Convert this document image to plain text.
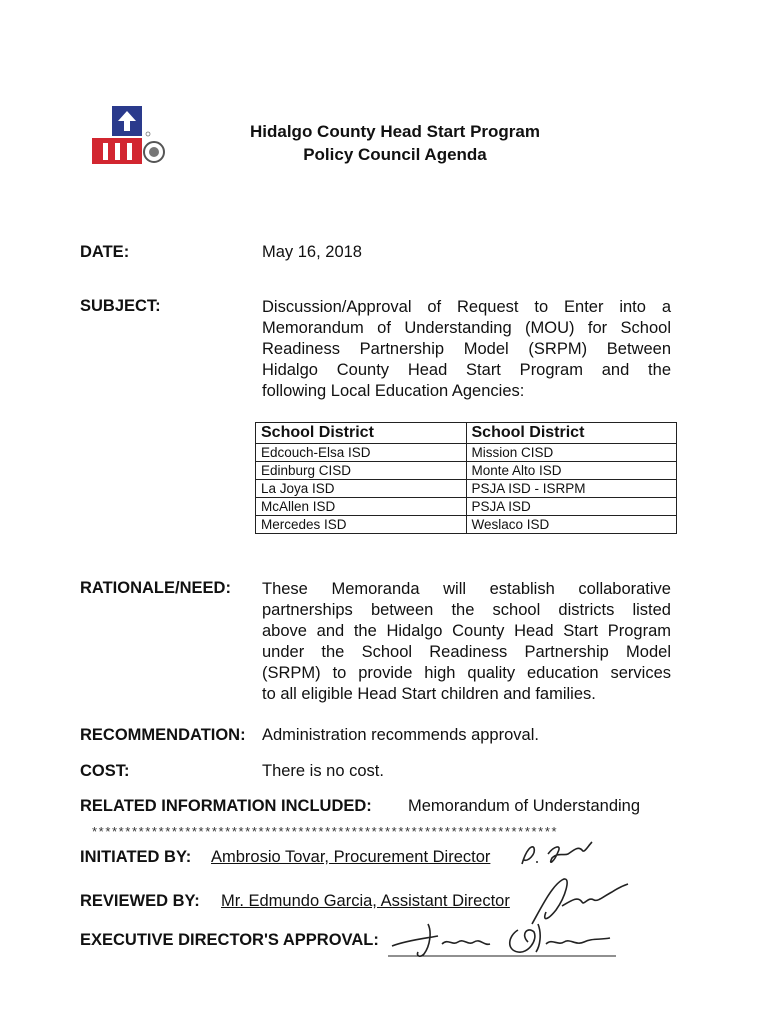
Hidalgo County Head Start Program
Policy Council Agenda
DATE:	May 16, 2018
SUBJECT:	Discussion/Approval of Request to Enter into a
Memorandum of Understanding (MOU) for School
Readiness Partnership Model (SRPM) Between
Hidalgo County Head Start Program and the
following Local Education Agencies:
School District	School District
Edcouch-Elsa ISD	Mission CISD
Edinburg CISD	Monte Alto ISD
La Joya ISD	PSJA ISD - ISRPM
McAllen ISD	PSJA ISD
Mercedes ISD	Weslaco ISD
RATIONALE/NEED: These Memoranda will establish collaborative
partnerships between the school districts listed
above and the Hidalgo County Head Start Program
under the School Readiness Partnership Model
(SRPM) to provide high quality education services
to all eligible Head Start children and families.
RECOMMENDATION: Administration recommends approval.
COST:	There is no cost.
RELATED INFORMATION INCLUDED: Memorandum of Understanding
**********************************************************************
INITIATED BY: Ambrosio Tovar, Procurement Director
REVIEWED BY: Mr. Edmundo Garcia, Assistant Director
EXECUTIVE DIRECTOR'S APPROVAL:
